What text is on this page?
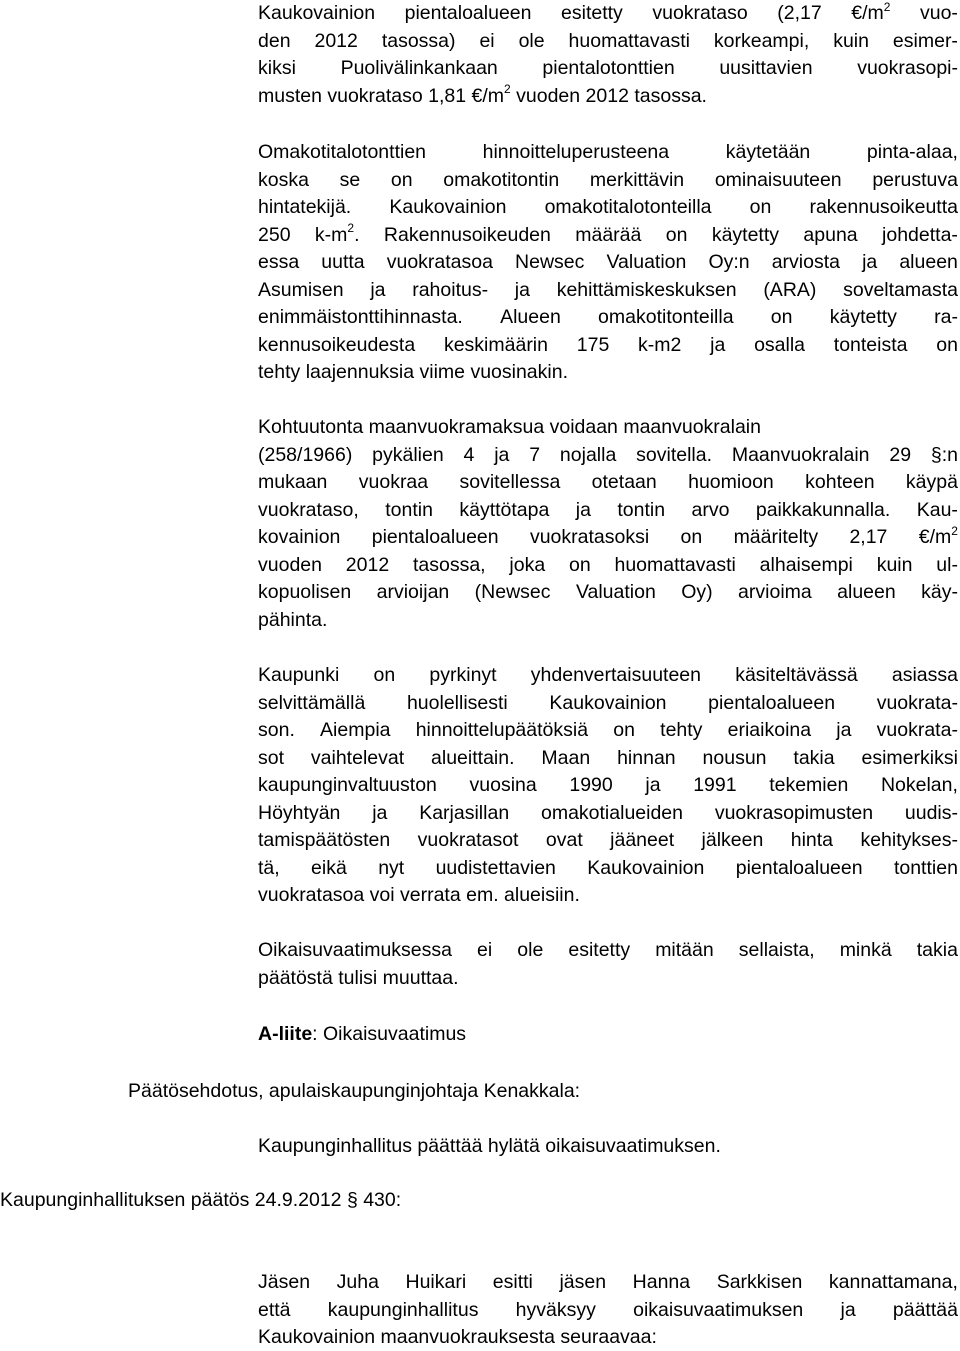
Kaukovainion pientaloalueen esitetty vuokrataso (2,17 $€/m^2$ vuo-
den 2012 tasossa) ei ole huomattavasti korkeampi, kuin esimer-
kiksi Puolivälinkankaan pientalotonttien uusittavien vuokrasopi-
musten vuokrataso 1,81 $€/m^2$ vuoden 2012 tasossa.
Omakotitalotonttien	hinnoitteluperusteena	käytetään	pinta-alaa,
koska se on omakotitontin merkittävin ominaisuuteen perustuva
hintatekijä. Kaukovainion omakotitalotonteilla on rakennusoikeutta
250 $k-m^2$. Rakennusoikeuden määrää on käytetty apuna johdetta-
essa uutta vuokratasoa Newsec Valuation Oy:n arviosta ja alueen
Asumisen ja rahoitus- ja kehittämiskeskuksen (ARA) soveltamasta
enimmäistonttihinnasta. Alueen omakotitonteilla on käytetty ra-
kennusoikeudesta keskimäärin 175 k-m2 ja osalla tonteista on
tehty laajennuksia viime vuosinakin.
Kohtuutonta maanvuokramaksua voidaan maanvuokralain
(258/1966) pykälien 4 ja 7 nojalla sovitella. Maanvuokralain 29 §:n
mukaan vuokraa sovitellessa otetaan huomioon kohteen käypä
vuokrataso, tontin käyttötapa ja tontin arvo paikkakunnalla. Kau-
kovainion pientaloalueen vuokratasoksi on määritelty 2,17 $€/m^2$
vuoden 2012 tasossa, joka on huomattavasti alhaisempi kuin ul-
kopuolisen arvioijan (Newsec Valuation Oy) arvioima alueen käy-
pähinta.
Kaupunki on pyrkinyt yhdenvertaisuuteen käsiteltävässä asiassa
selvittämällä huolellisesti Kaukovainion pientaloalueen vuokrata-
son. Aiempia hinnoittelupäätöksiä on tehty eriaikoina ja vuokrata-
sot vaihtelevat alueittain. Maan hinnan nousun takia esimerkiksi
kaupunginvaltuuston vuosina 1990 ja 1991 tekemien Nokelan,
Höyhtyän ja Karjasillan omakotialueiden vuokrasopimusten uudis-
tamispäätösten vuokratasot ovat jääneet jälkeen hinta kehitykses-
tä, eikä nyt uudistettavien Kaukovainion pientaloalueen tonttien
vuokratasoa voi verrata em. alueisiin.
Oikaisuvaatimuksessa ei ole esitetty mitään sellaista, minkä takia
päätöstä tulisi muuttaa.
Jäsen Juha Huikari esitti jäsen Hanna Sarkkisen kannattamana,
että kaupunginhallitus hyväksyy oikaisuvaatimuksen ja päättää
Kaukovainion maanvuokrauksesta seuraavaa:
A-liite: Oikaisuvaatimus
Päätösehdotus, apulaiskaupunginjohtaja Kenakkala:
Kaupunginhallitus päättää hylätä oikaisuvaatimuksen.
Kaupunginhallituksen päätös 24.9.2012 § 430:
